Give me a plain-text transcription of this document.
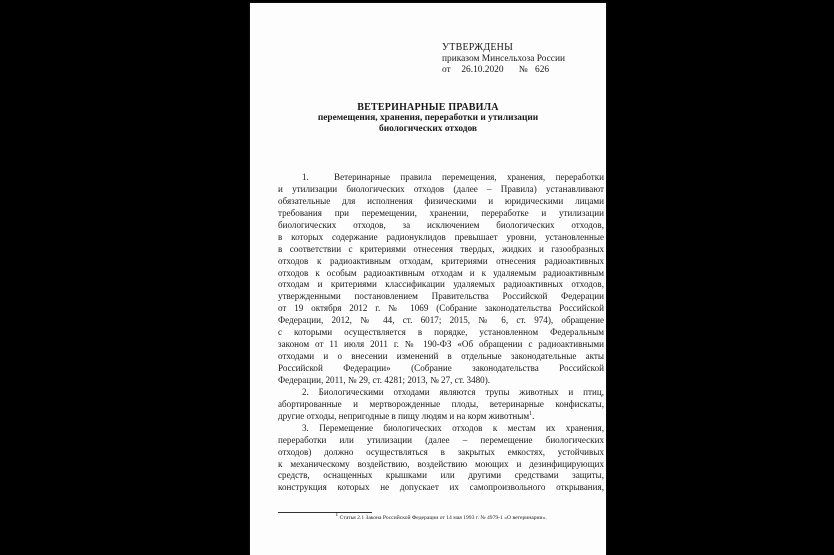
УТВЕРЖДЕНЫ
приказом Минсельхоза России
от 26.10.2020 № 626
ВЕТЕРИНАРНЫЕ ПРАВИЛА
перемещения, хранения, переработки и утилизации
биологических отходов
1.	Ветеринарные правила перемещения, хранения, переработки
и утилизации биологических отходов (далее – Правила) устанавливают
обязательные для исполнения физическими и юридическими лицами
требования при перемещении, хранении, переработке и утилизации
биологических отходов, за исключением биологических отходов,
в которых содержание радионуклидов превышает уровни, установленные
в соответствии с критериями отнесения твердых, жидких и газообразных
отходов к радиоактивным отходам, критериями отнесения радиоактивных
отходов к особым радиоактивным отходам и к удаляемым радиоактивным
отходам и критериями классификации удаляемых радиоактивных отходов,
утвержденными постановлением Правительства Российской Федерации
от 19 октября 2012 г. № 1069 (Собрание законодательства Российской
Федерации, 2012, № 44, ст. 6017; 2015, № 6, ст. 974), обращение
с которыми осуществляется в порядке, установленном Федеральным
законом от 11 июля 2011 г. № 190-ФЗ «Об обращении с радиоактивными
отходами и о внесении изменений в отдельные законодательные акты
Российской Федерации» (Собрание законодательства Российской
Федерации, 2011, № 29, ст. 4281; 2013, № 27, ст. 3480).
2. Биологическими отходами являются трупы животных и птиц,
абортированные и мертворожденные плоды, ветеринарные конфискаты,
другие отходы, непригодные в пищу людям и на корм животным$^1$.
3. Перемещение биологических отходов к местам их хранения,
переработки или утилизации (далее – перемещение биологических
отходов) должно осуществляться в закрытых емкостях, устойчивых
к механическому воздействию, воздействию моющих и дезинфицирующих
средств, оснащенных крышками или другими средствами защиты,
конструкция которых не допускает их самопроизвольного открывания,
$^1$ Статья 2.1 Закона Российской Федерации от 14 мая 1993 г. № 4979-1 «О ветеринарии».
